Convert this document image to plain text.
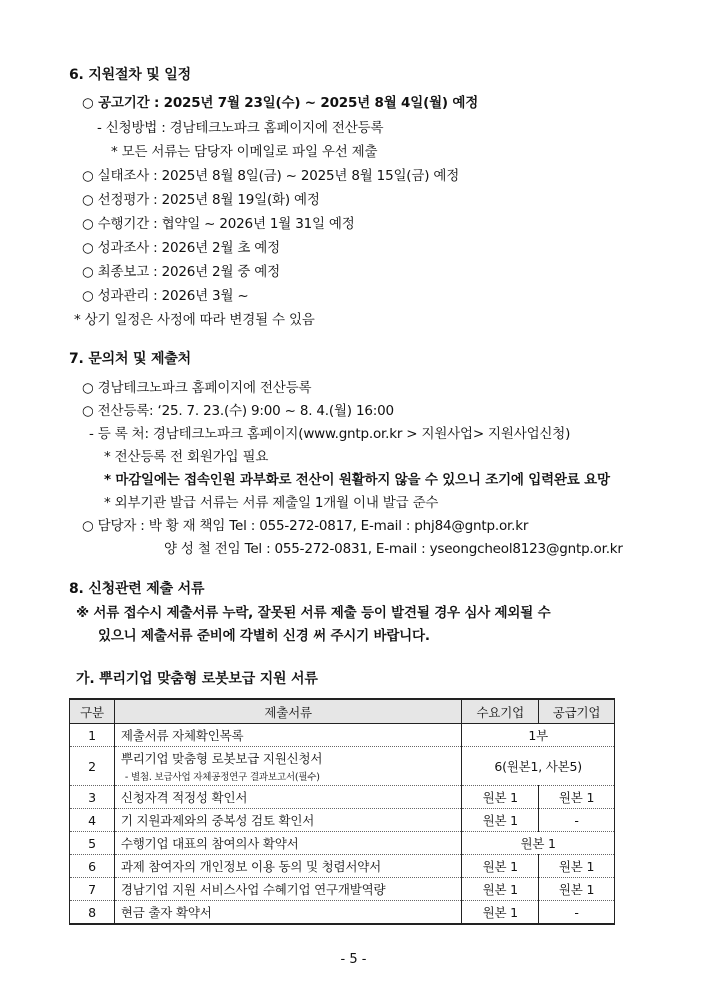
6. 지원절차 및 일정
○ 공고기간 : 2025년 7월 23일(수) ~ 2025년 8월 4일(월) 예정
- 신청방법 : 경남테크노파크 홈페이지에 전산등록
* 모든 서류는 담당자 이메일로 파일 우선 제출
○ 실태조사 : 2025년 8월 8일(금) ~ 2025년 8월 15일(금) 예정
○ 선정평가 : 2025년 8월 19일(화) 예정
○ 수행기간 : 협약일 ~ 2026년 1월 31일 예정
○ 성과조사 : 2026년 2월 초 예정
○ 최종보고 : 2026년 2월 중 예정
○ 성과관리 : 2026년 3월 ~
* 상기 일정은 사정에 따라 변경될 수 있음
7. 문의처 및 제출처
○ 경남테크노파크 홈페이지에 전산등록
○ 전산등록: ‘25. 7. 23.(수) 9:00 ~ 8. 4.(월) 16:00
- 등 록 처: 경남테크노파크 홈페이지(www.gntp.or.kr > 지원사업> 지원사업신청)
* 전산등록 전 회원가입 필요
* 마감일에는 접속인원 과부화로 전산이 원활하지 않을 수 있으니 조기에 입력완료 요망
* 외부기관 발급 서류는 서류 제출일 1개월 이내 발급 준수
○ 담당자 : 박 황 재 책임 Tel : 055-272-0817, E-mail : phj84@gntp.or.kr
양 성 철 전임 Tel : 055-272-0831, E-mail : yseongcheol8123@gntp.or.kr
8. 신청관련 제출 서류
※ 서류 접수시 제출서류 누락, 잘못된 서류 제출 등이 발견될 경우 심사 제외될 수
있으니 제출서류 준비에 각별히 신경 써 주시기 바랍니다.
가. 뿌리기업 맞춤형 로봇보급 지원 서류
구분	제출서류	수요기업	공급기업
1	제출서류 자체확인목록	1부	
2	뿌리기업 맞춤형 로봇보급 지원신청서
- 별첨. 보급사업 자체공정연구 결과보고서(필수)	6(원본1, 사본5)	
3	신청자격 적정성 확인서	원본 1	원본 1
4	기 지원과제와의 중복성 검토 확인서	원본 1	-
5	수행기업 대표의 참여의사 확약서	원본 1	
6	과제 참여자의 개인정보 이용 동의 및 청렴서약서	원본 1	원본 1
7	경남기업 지원 서비스사업 수혜기업 연구개발역량	원본 1	원본 1
8	현금 출자 확약서	원본 1	-
- 5 -
